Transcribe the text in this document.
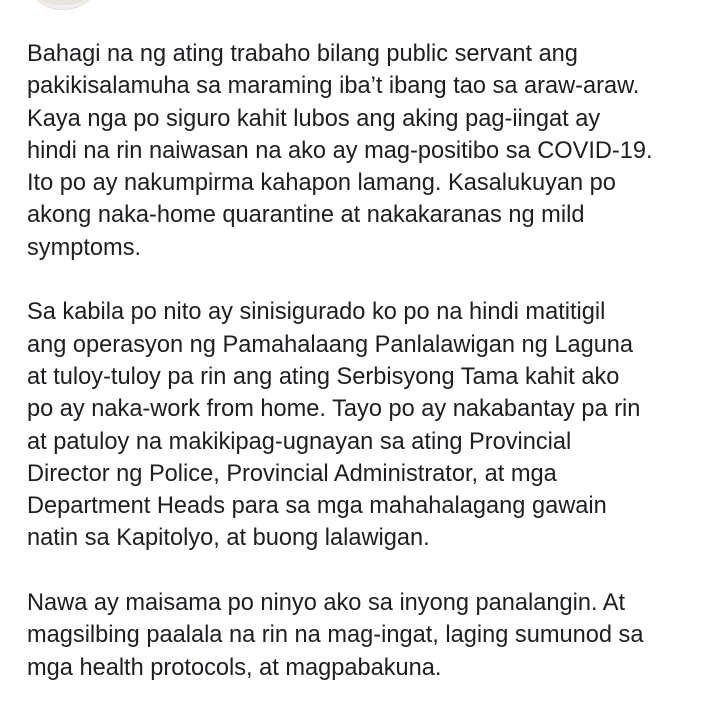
Bahagi na ng ating trabaho bilang public servant ang
pakikisalamuha sa maraming iba’t ibang tao sa araw-araw.
Kaya nga po siguro kahit lubos ang aking pag-iingat ay
hindi na rin naiwasan na ako ay mag-positibo sa COVID-19.
Ito po ay nakumpirma kahapon lamang. Kasalukuyan po
akong naka-home quarantine at nakakaranas ng mild
symptoms.

Sa kabila po nito ay sinisigurado ko po na hindi matitigil
ang operasyon ng Pamahalaang Panlalawigan ng Laguna
at tuloy-tuloy pa rin ang ating Serbisyong Tama kahit ako
po ay naka-work from home. Tayo po ay nakabantay pa rin
at patuloy na makikipag-ugnayan sa ating Provincial
Director ng Police, Provincial Administrator, at mga
Department Heads para sa mga mahahalagang gawain
natin sa Kapitolyo, at buong lalawigan.

Nawa ay maisama po ninyo ako sa inyong panalangin. At
magsilbing paalala na rin na mag-ingat, laging sumunod sa
mga health protocols, at magpabakuna.
